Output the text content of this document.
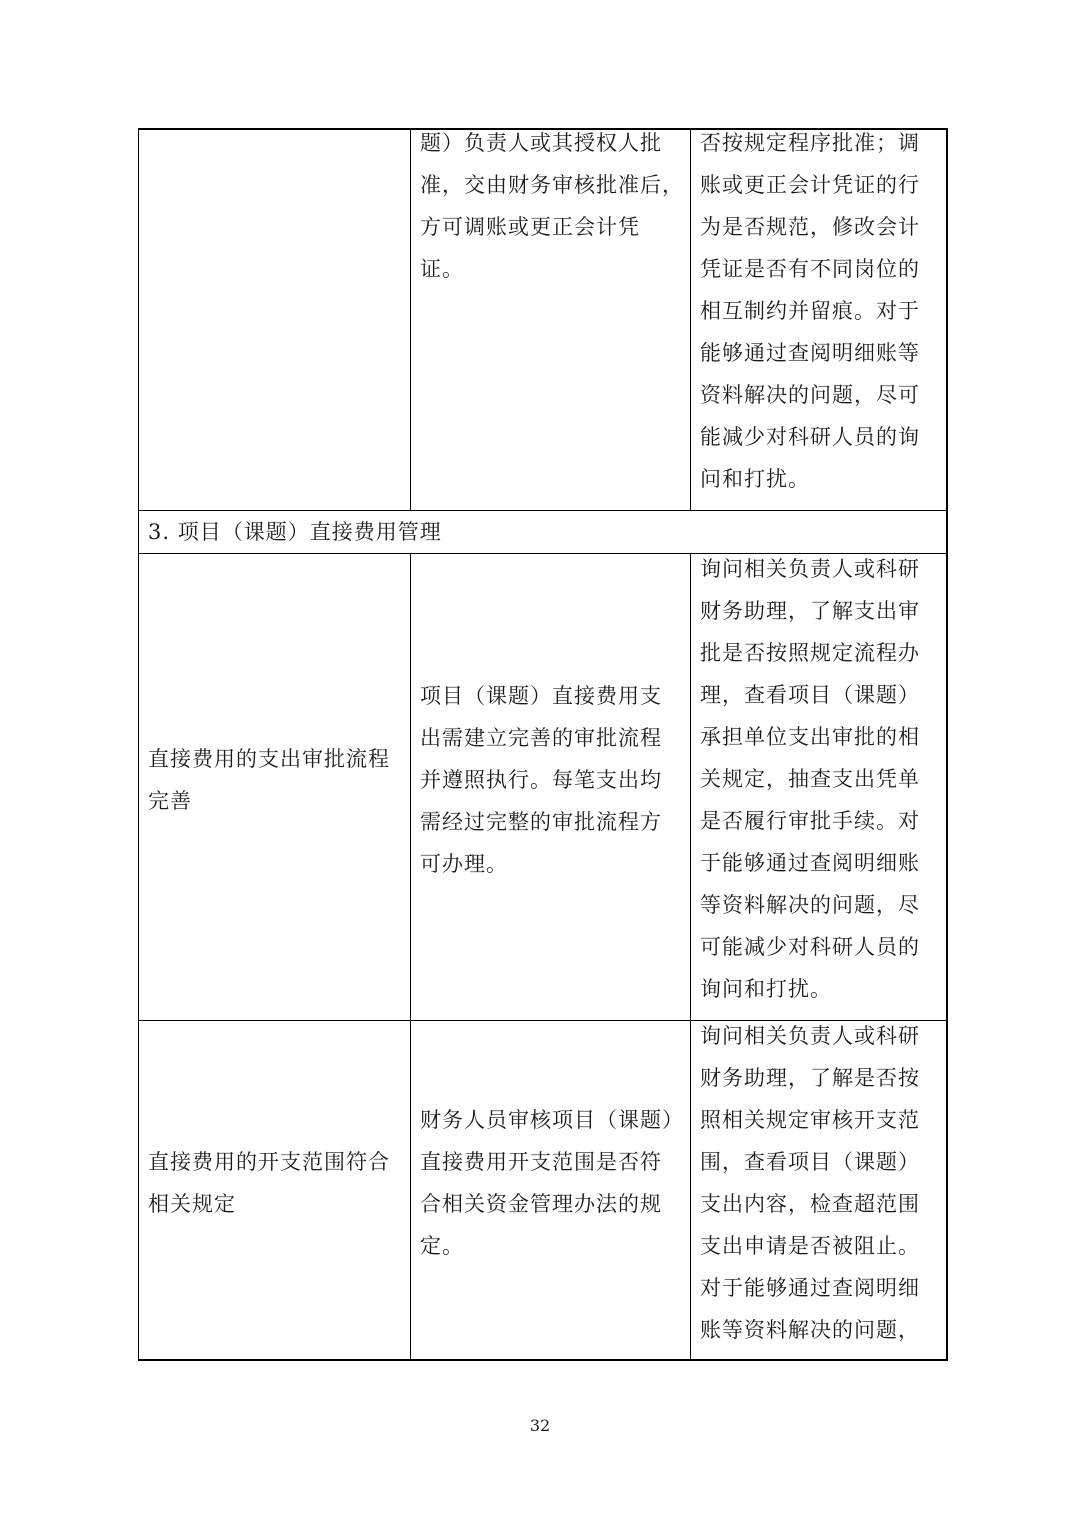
题）负责人或其授权人批
准，交由财务审核批准后，
方可调账或更正会计凭
证。
否按规定程序批准；调
账或更正会计凭证的行
为是否规范，修改会计
凭证是否有不同岗位的
相互制约并留痕。对于
能够通过查阅明细账等
资料解决的问题，尽可
能减少对科研人员的询
问和打扰。
3. 项目（课题）直接费用管理
直接费用的支出审批流程
完善
项目（课题）直接费用支
出需建立完善的审批流程
并遵照执行。每笔支出均
需经过完整的审批流程方
可办理。
询问相关负责人或科研
财务助理，了解支出审
批是否按照规定流程办
理，查看项目（课题）
承担单位支出审批的相
关规定，抽查支出凭单
是否履行审批手续。对
于能够通过查阅明细账
等资料解决的问题，尽
可能减少对科研人员的
询问和打扰。
直接费用的开支范围符合
相关规定
财务人员审核项目（课题）
直接费用开支范围是否符
合相关资金管理办法的规
定。
询问相关负责人或科研
财务助理，了解是否按
照相关规定审核开支范
围，查看项目（课题）
支出内容，检查超范围
支出申请是否被阻止。
对于能够通过查阅明细
账等资料解决的问题，
32
